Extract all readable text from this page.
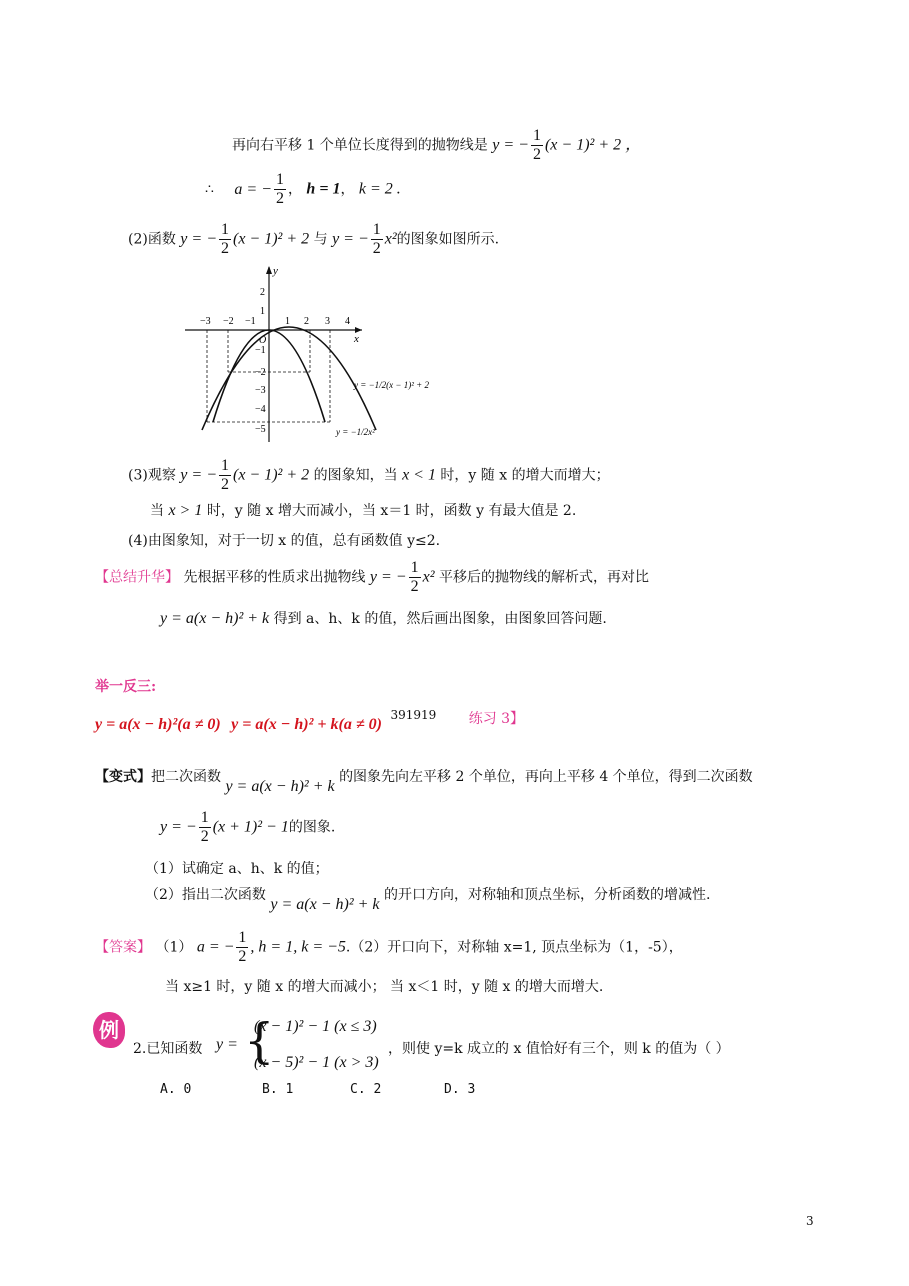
再向右平移 1 个单位长度得到的抛物线是 y = − $\frac{1}{2} (x - 1)^2 + 2$ ，
∴ a = − $\frac{1}{2}$ ， h = 1， k = 2 .
(2)函数 y = − $\frac{1}{2} (x - 1)^2 + 2$ 与 y = − $\frac{1}{2} x^2$的图象如图所示.
y
x
O
−3 −2 −1	1 2 3 4
2
1
−1
−2
−3
−4
−5
y = −1/2(x − 1)² + 2
y = −1/2x²
(3)观察 y = − $\frac{1}{2} (x - 1)^2 + 2$ 的图象知，当 x < 1 时，y 随 x 的增大而增大；
当 x > 1 时，y 随 x 增大而减小，当 x＝1 时，函数 y 有最大值是 2.
(4)由图象知，对于一切 x 的值，总有函数值 y≤2.
【总结升华】 先根据平移的性质求出抛物线 y = − $\frac{1}{2} x^2$ 平移后的抛物线的解析式，再对比
y = a(x − h)² + k 得到 a、h、k 的值，然后画出图象，由图象回答问题.
举一反三:
y = a(x − h)²(a ≠ 0) y = a(x − h)² + k(a ≠ 0) 391919 练习 3】
【变式】把二次函数 y = a(x − h)² + k 的图象先向左平移 2 个单位，再向上平移 4 个单位，得到二次函数
y = − $\frac{1}{2} (x + 1)^2 - 1$的图象.
（1）试确定 a、h、k 的值；
（2）指出二次函数 y = a(x − h)² + k 的开口方向，对称轴和顶点坐标，分析函数的增减性.
【答案】 （1） a = − $\frac{1}{2}$ , h = 1, k = −5.（2）开口向下，对称轴 x=1, 顶点坐标为（1，-5），
当 x≥1 时，y 随 x 的增大而减小； 当 x＜1 时，y 随 x 的增大而增大.
例
2.已知函数 y = {
(x − 1)² − 1 (x ≤ 3)
(x − 5)² − 1 (x > 3)
，则使 y=k 成立的 x 值恰好有三个，则 k 的值为（ ）
A. 0	B. 1	C. 2	D. 3
3
